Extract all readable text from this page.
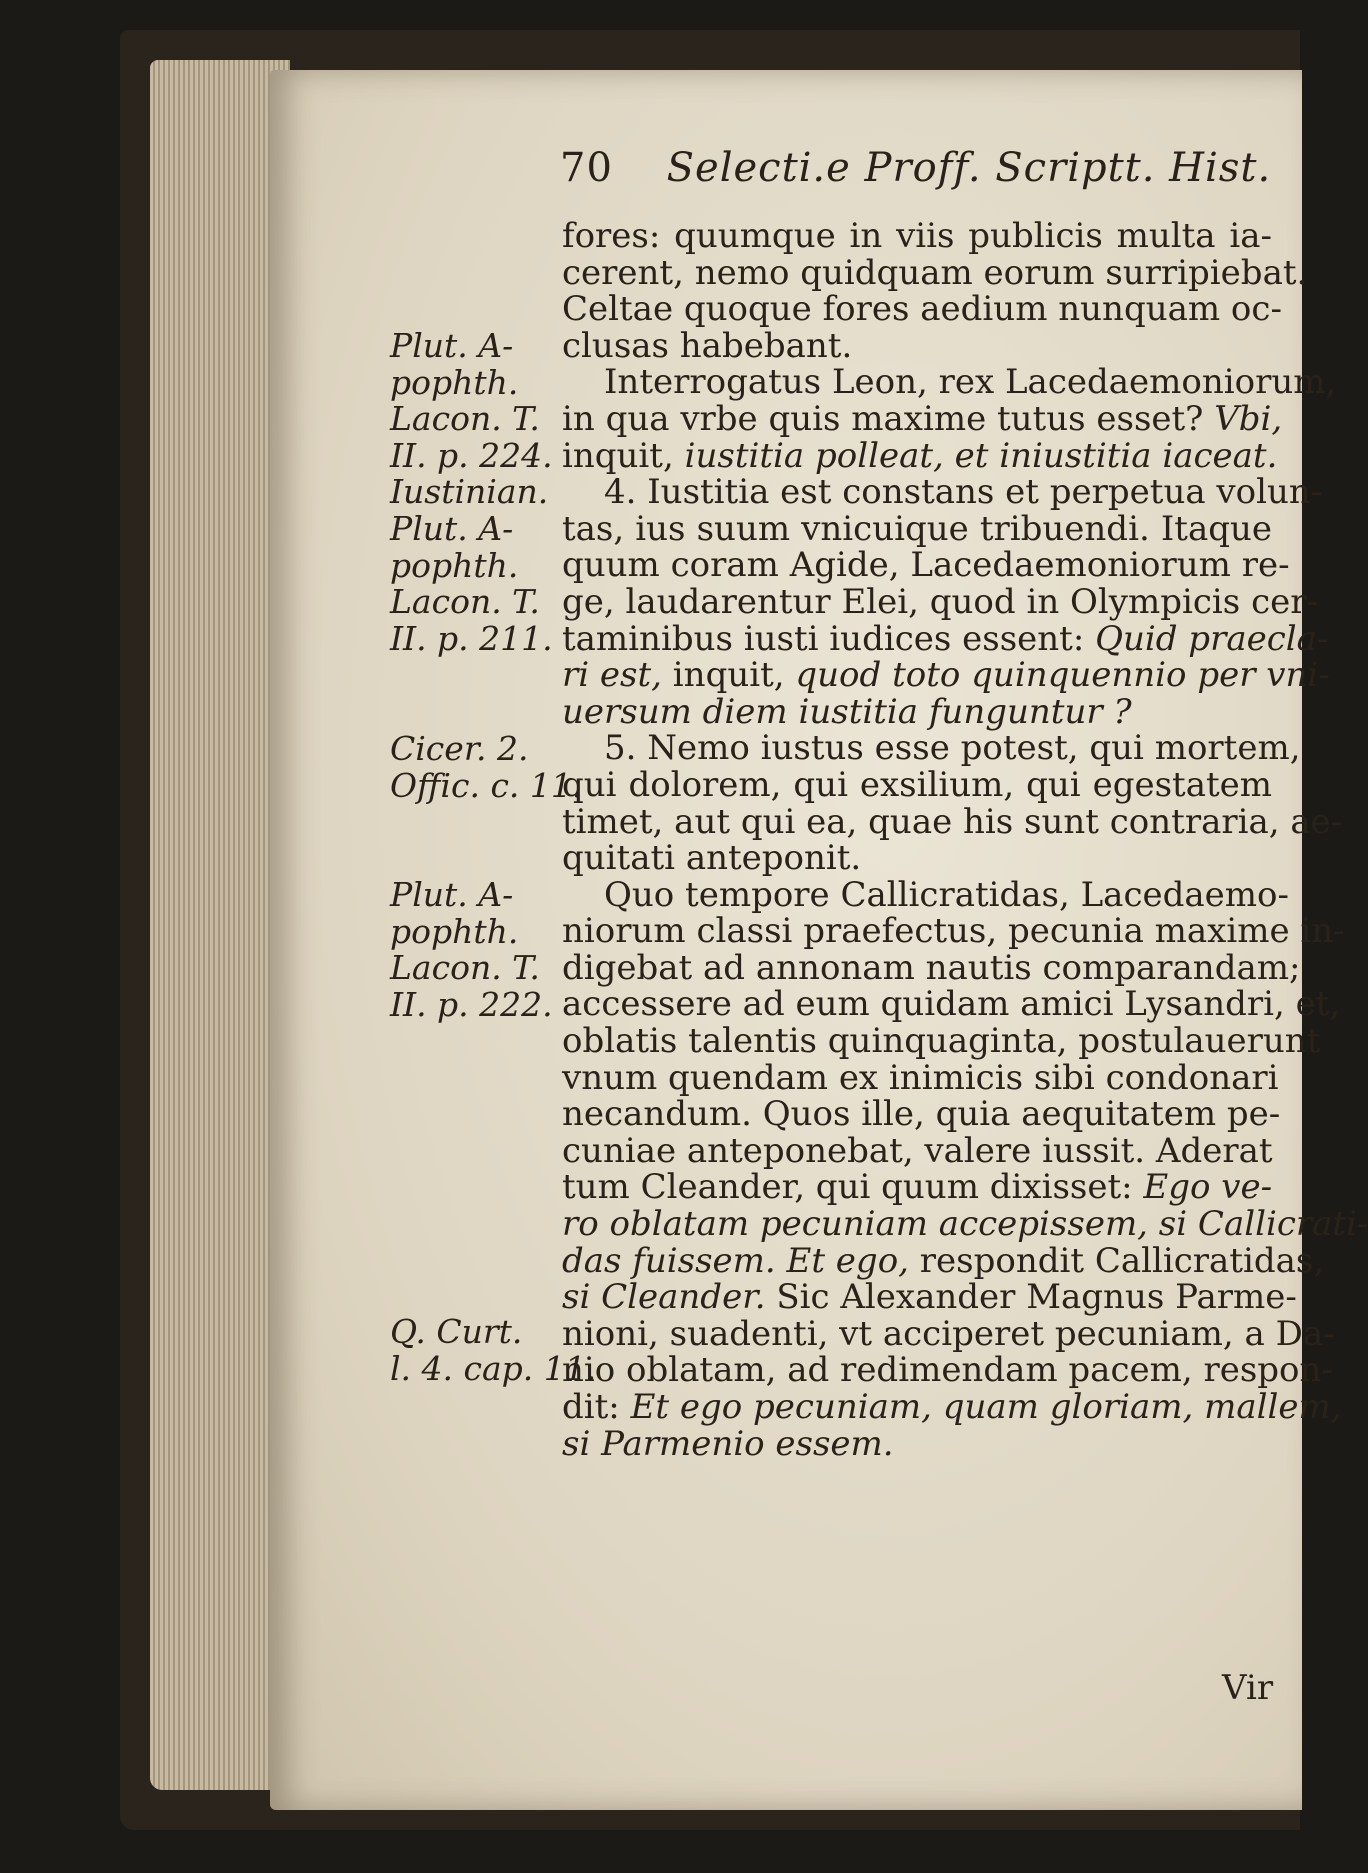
70 Selecti.e Proff. Scriptt. Hist.
fores: quumque in viis publicis multa ia-
cerent, nemo quidquam eorum surripiebat.
Celtae quoque fores aedium nunquam oc-
clusas habebant.
Interrogatus Leon, rex Lacedaemoniorum,
in qua vrbe quis maxime tutus esset? Vbi,
inquit, iustitia polleat, et iniustitia iaceat.
4. Iustitia est constans et perpetua volun-
tas, ius suum vnicuique tribuendi. Itaque
quum coram Agide, Lacedaemoniorum re-
ge, laudarentur Elei, quod in Olympicis cer-
taminibus iusti iudices essent: Quid praecla-
ri est, inquit, quod toto quinquennio per vni-
uersum diem iustitia funguntur ?
5. Nemo iustus esse potest, qui mortem,
qui dolorem, qui exsilium, qui egestatem
timet, aut qui ea, quae his sunt contraria, ae-
quitati anteponit.
Quo tempore Callicratidas, Lacedaemo-
niorum classi praefectus, pecunia maxime in-
digebat ad annonam nautis comparandam;
accessere ad eum quidam amici Lysandri, et,
oblatis talentis quinquaginta, postulauerunt
vnum quendam ex inimicis sibi condonari
necandum. Quos ille, quia aequitatem pe-
cuniae anteponebat, valere iussit. Aderat
tum Cleander, qui quum dixisset: Ego ve-
ro oblatam pecuniam accepissem, si Callicrati-
das fuissem. Et ego, respondit Callicratidas,
si Cleander. Sic Alexander Magnus Parme-
nioni, suadenti, vt acciperet pecuniam, a Da-
nio oblatam, ad redimendam pacem, respon-
dit: Et ego pecuniam, quam gloriam, mallem,
si Parmenio essem.
Plut. A-
pophth.
Lacon. T.
II. p. 224.
Iustinian.
Plut. A-
pophth.
Lacon. T.
II. p. 211.
Cicer. 2.
Offic. c. 11.
Plut. A-
pophth.
Lacon. T.
II. p. 222.
Q. Curt.
l. 4. cap. 11.
Vir
